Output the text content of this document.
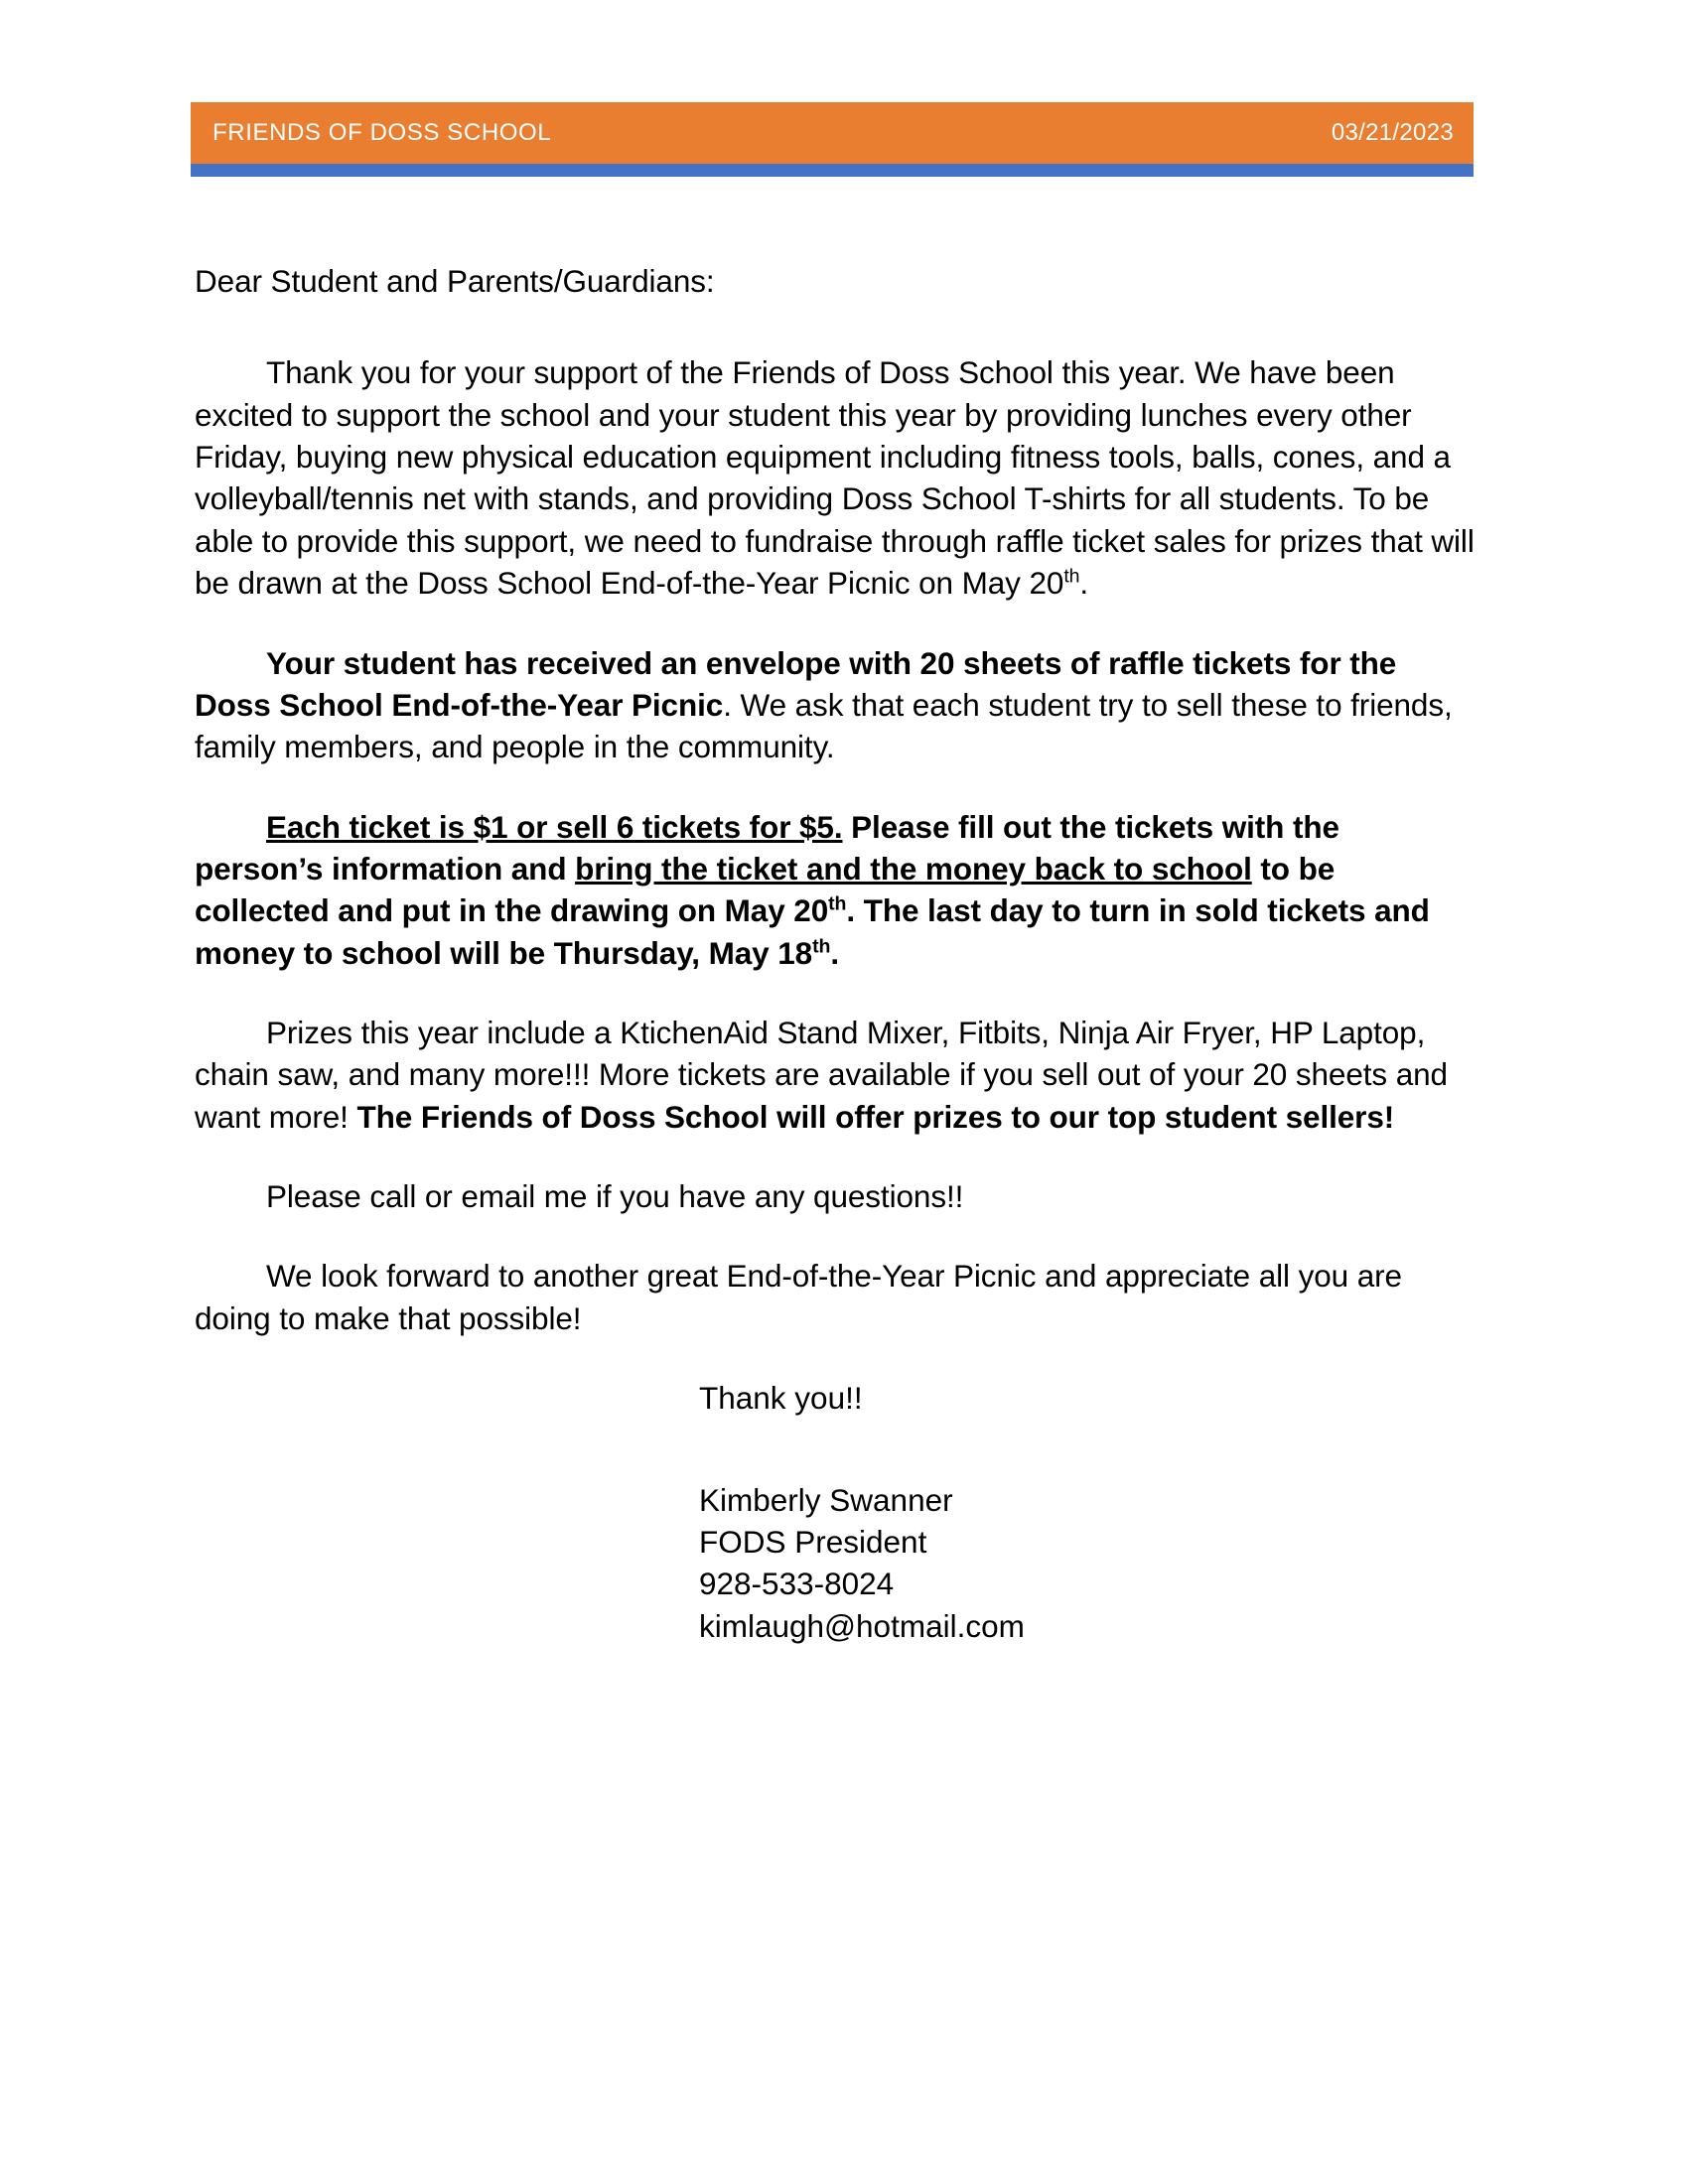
FRIENDS OF DOSS SCHOOL	03/21/2023

Dear Student and Parents/Guardians:

Thank you for your support of the Friends of Doss School this year. We have been excited to support the school and your student this year by providing lunches every other Friday, buying new physical education equipment including fitness tools, balls, cones, and a volleyball/tennis net with stands, and providing Doss School T-shirts for all students. To be able to provide this support, we need to fundraise through raffle ticket sales for prizes that will be drawn at the Doss School End-of-the-Year Picnic on May 20th.

Your student has received an envelope with 20 sheets of raffle tickets for the Doss School End-of-the-Year Picnic. We ask that each student try to sell these to friends, family members, and people in the community.

Each ticket is $1 or sell 6 tickets for $5. Please fill out the tickets with the person’s information and bring the ticket and the money back to school to be collected and put in the drawing on May 20th. The last day to turn in sold tickets and money to school will be Thursday, May 18th.

Prizes this year include a KtichenAid Stand Mixer, Fitbits, Ninja Air Fryer, HP Laptop, chain saw, and many more!!! More tickets are available if you sell out of your 20 sheets and want more! The Friends of Doss School will offer prizes to our top student sellers!

Please call or email me if you have any questions!!

We look forward to another great End-of-the-Year Picnic and appreciate all you are doing to make that possible!

Thank you!!

Kimberly Swanner
FODS President
928-533-8024
kimlaugh@hotmail.com
